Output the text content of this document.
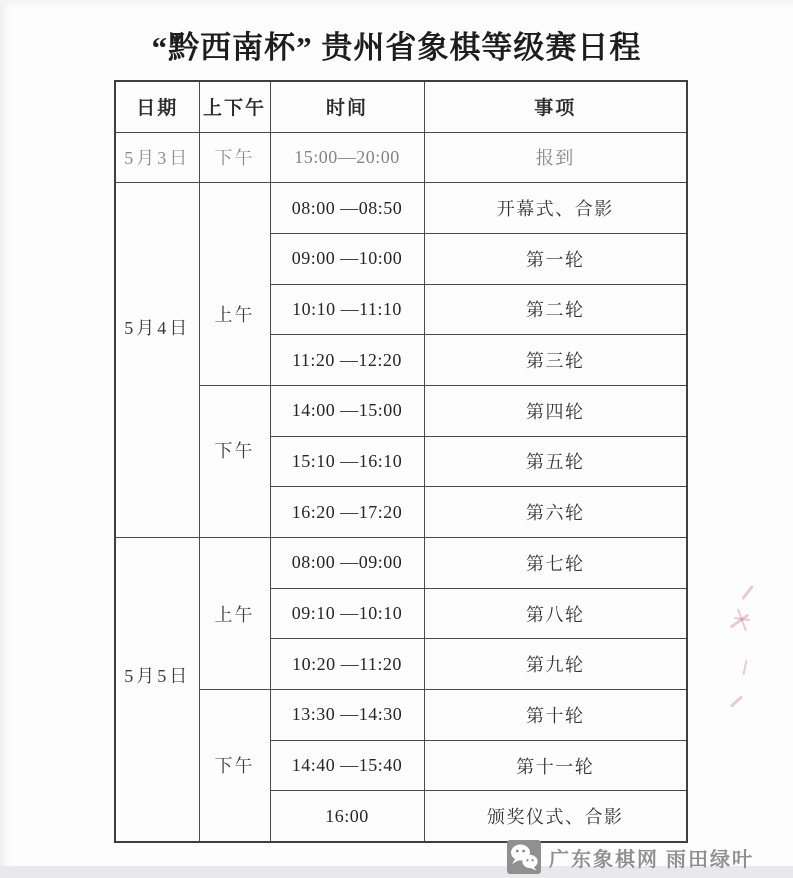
“黔西南杯” 贵州省象棋等级赛日程
日期	上下午	时间	事项
5月3日	下午	15:00—20:00	报到
5月4日	上午	08:00 —08:50	开幕式、合影
		09:00 —10:00	第一轮
		10:10 —11:10	第二轮
		11:20 —12:20	第三轮
	下午	14:00 —15:00	第四轮
		15:10 —16:10	第五轮
		16:20 —17:20	第六轮
5月5日	上午	08:00 —09:00	第七轮
		09:10 —10:10	第八轮
		10:20 —11:20	第九轮
	下午	13:30 —14:30	第十轮
		14:40 —15:40	第十一轮
		16:00	颁奖仪式、合影
广东象棋网 雨田绿叶
